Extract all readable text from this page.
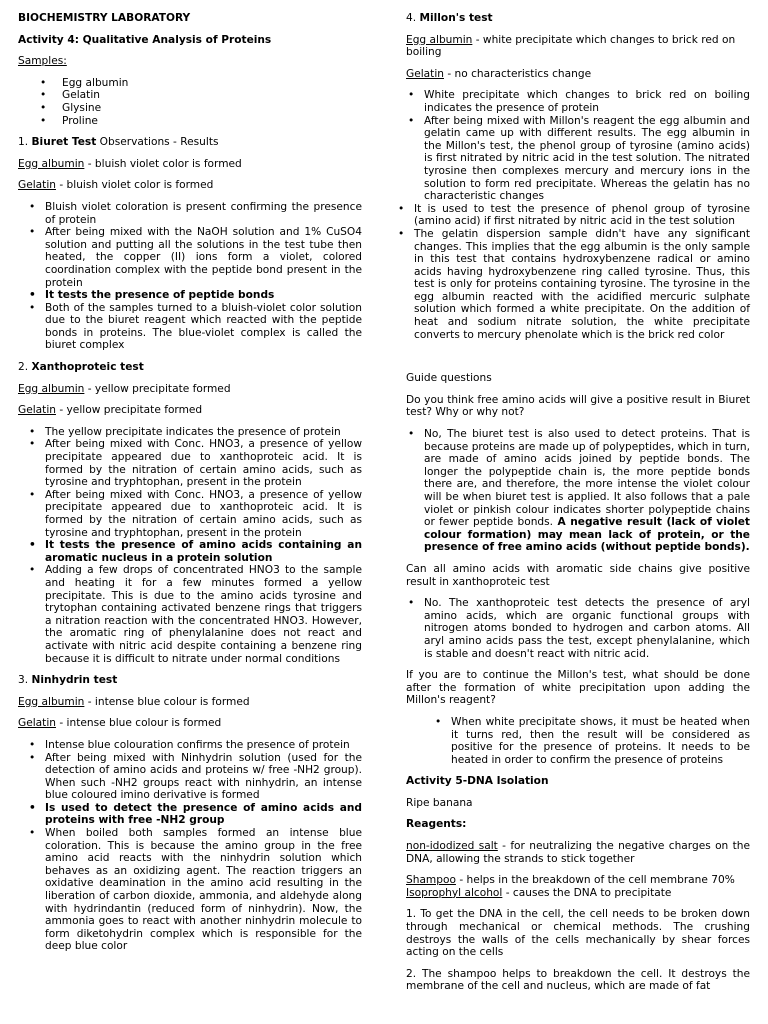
BIOCHEMISTRY LABORATORY

Activity 4: Qualitative Analysis of Proteins

Samples:

• Egg albumin
• Gelatin
• Glysine
• Proline

1. Biuret Test Observations - Results

Egg albumin - bluish violet color is formed

Gelatin - bluish violet color is formed

• Bluish violet coloration is present confirming the presence of protein
• After being mixed with the NaOH solution and 1% CuSO4 solution and putting all the solutions in the test tube then heated, the copper (II) ions form a violet, colored coordination complex with the peptide bond present in the protein
• It tests the presence of peptide bonds
• Both of the samples turned to a bluish-violet color solution due to the biuret reagent which reacted with the peptide bonds in proteins. The blue-violet complex is called the biuret complex

2. Xanthoproteic test

Egg albumin - yellow precipitate formed

Gelatin - yellow precipitate formed

• The yellow precipitate indicates the presence of protein
• After being mixed with Conc. HNO3, a presence of yellow precipitate appeared due to xanthoproteic acid. It is formed by the nitration of certain amino acids, such as tyrosine and tryphtophan, present in the protein
• After being mixed with Conc. HNO3, a presence of yellow precipitate appeared due to xanthoproteic acid. It is formed by the nitration of certain amino acids, such as tyrosine and tryphtophan, present in the protein
• It tests the presence of amino acids containing an aromatic nucleus in a protein solution
• Adding a few drops of concentrated HNO3 to the sample and heating it for a few minutes formed a yellow precipitate. This is due to the amino acids tyrosine and trytophan containing activated benzene rings that triggers a nitration reaction with the concentrated HNO3. However, the aromatic ring of phenylalanine does not react and activate with nitric acid despite containing a benzene ring because it is difficult to nitrate under normal conditions

3. Ninhydrin test

Egg albumin - intense blue colour is formed

Gelatin - intense blue colour is formed

• Intense blue colouration confirms the presence of protein
• After being mixed with Ninhydrin solution (used for the detection of amino acids and proteins w/ free -NH2 group). When such -NH2 groups react with ninhydrin, an intense blue coloured imino derivative is formed
• Is used to detect the presence of amino acids and proteins with free -NH2 group
• When boiled both samples formed an intense blue coloration. This is because the amino group in the free amino acid reacts with the ninhydrin solution which behaves as an oxidizing agent. The reaction triggers an oxidative deamination in the amino acid resulting in the liberation of carbon dioxide, ammonia, and aldehyde along with hydrindantin (reduced form of ninhydrin). Now, the ammonia goes to react with another ninhydrin molecule to form diketohydrin complex which is responsible for the deep blue color

4. Millon's test

Egg albumin - white precipitate which changes to brick red on boiling

Gelatin - no characteristics change

• White precipitate which changes to brick red on boiling indicates the presence of protein
• After being mixed with Millon's reagent the egg albumin and gelatin came up with different results. The egg albumin in the Millon's test, the phenol group of tyrosine (amino acids) is first nitrated by nitric acid in the test solution. The nitrated tyrosine then complexes mercury and mercury ions in the solution to form red precipitate. Whereas the gelatin has no characteristic changes
• It is used to test the presence of phenol group of tyrosine (amino acid) if first nitrated by nitric acid in the test solution
• The gelatin dispersion sample didn't have any significant changes. This implies that the egg albumin is the only sample in this test that contains hydroxybenzene radical or amino acids having hydroxybenzene ring called tyrosine. Thus, this test is only for proteins containing tyrosine. The tyrosine in the egg albumin reacted with the acidified mercuric sulphate solution which formed a white precipitate. On the addition of heat and sodium nitrate solution, the white precipitate converts to mercury phenolate which is the brick red color

Guide questions

Do you think free amino acids will give a positive result in Biuret test? Why or why not?

• No, The biuret test is also used to detect proteins. That is because proteins are made up of polypeptides, which in turn, are made of amino acids joined by peptide bonds. The longer the polypeptide chain is, the more peptide bonds there are, and therefore, the more intense the violet colour will be when biuret test is applied. It also follows that a pale violet or pinkish colour indicates shorter polypeptide chains or fewer peptide bonds. A negative result (lack of violet colour formation) may mean lack of protein, or the presence of free amino acids (without peptide bonds).

Can all amino acids with aromatic side chains give positive result in xanthoproteic test

• No. The xanthoproteic test detects the presence of aryl amino acids, which are organic functional groups with nitrogen atoms bonded to hydrogen and carbon atoms. All aryl amino acids pass the test, except phenylalanine, which is stable and doesn't react with nitric acid.

If you are to continue the Millon's test, what should be done after the formation of white precipitation upon adding the Millon's reagent?

• When white precipitate shows, it must be heated when it turns red, then the result will be considered as positive for the presence of proteins. It needs to be heated in order to confirm the presence of proteins

Activity 5-DNA Isolation

Ripe banana

Reagents:

non-idodized salt - for neutralizing the negative charges on the DNA, allowing the strands to stick together

Shampoo - helps in the breakdown of the cell membrane 70%
Isoprophyl alcohol - causes the DNA to precipitate

1. To get the DNA in the cell, the cell needs to be broken down through mechanical or chemical methods. The crushing destroys the walls of the cells mechanically by shear forces acting on the cells

2. The shampoo helps to breakdown the cell. It destroys the membrane of the cell and nucleus, which are made of fat
